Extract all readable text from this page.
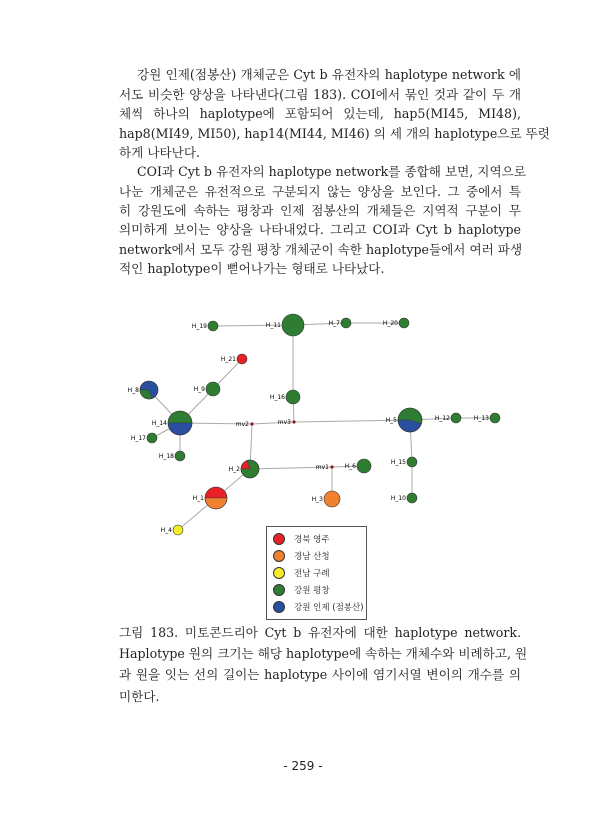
강원 인제(점봉산) 개체군은 Cyt b 유전자의 haplotype network 에
서도 비슷한 양상을 나타낸다(그림 183). COI에서 묶인 것과 같이 두 개
체씩 하나의 haplotype에 포함되어 있는데, hap5(MI45, MI48),
hap8(MI49, MI50), hap14(MI44, MI46) 의 세 개의 haplotype으로 뚜렷
하게 나타난다.
COI과 Cyt b 유전자의 haplotype network를 종합해 보면, 지역으로
나눈 개체군은 유전적으로 구분되지 않는 양상을 보인다. 그 중에서 특
히 강원도에 속하는 평창과 인제 점봉산의 개체들은 지역적 구분이 무
의미하게 보이는 양상을 나타내었다. 그리고 COI과 Cyt b haplotype
network에서 모두 강원 평창 개체군이 속한 haplotype들에서 여러 파생
적인 haplotype이 뻗어나가는 형태로 나타났다.
mv1
mv2	mv3
H_19	H_11	H_7	H_20
H_21
H_9
H_8
H_16
H_14	H_5	H_12	H_13
H_17
H_18
H_2	H_6
H_15
H_10
H_1	H_3
H_4
경북 영주
경남 산청
전남 구례
강원 평창
강원 인제 (점봉산)
그림 183. 미토콘드리아 Cyt b 유전자에 대한 haplotype network.
Haplotype 원의 크기는 해당 haplotype에 속하는 개체수와 비례하고, 원
과 원을 잇는 선의 길이는 haplotype 사이에 염기서열 변이의 개수를 의
미한다.
- 259 -
